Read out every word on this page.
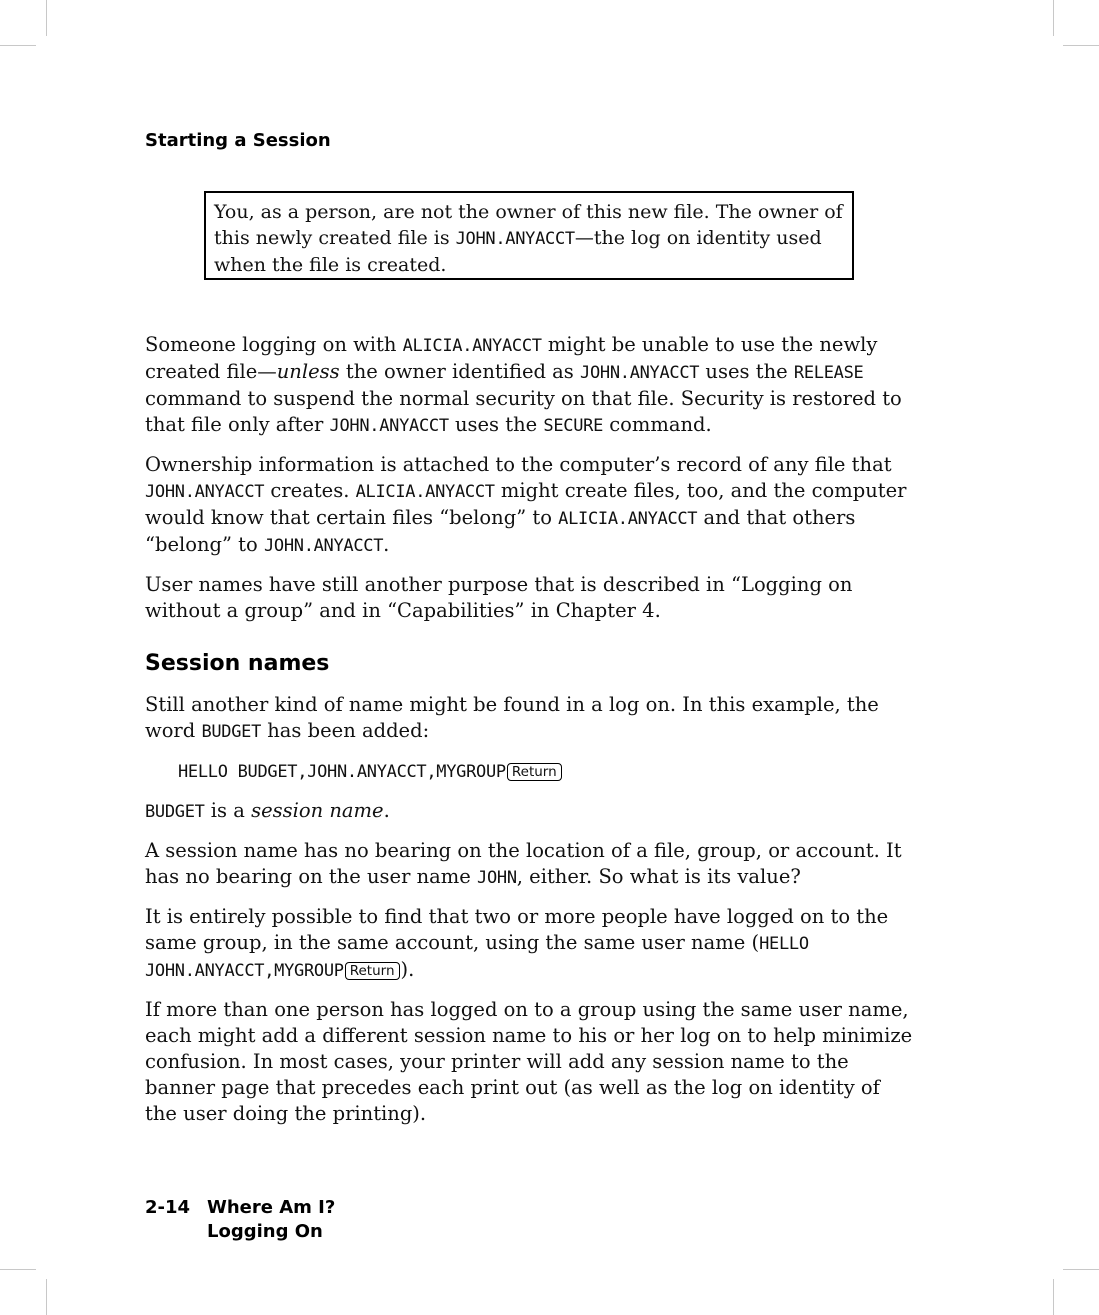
Starting a Session
You, as a person, are not the owner of this new file. The owner of this newly created file is JOHN.ANYACCT—the log on identity used when the file is created.

Someone logging on with ALICIA.ANYACCT might be unable to use the newly created file—unless the owner identified as JOHN.ANYACCT uses the RELEASE command to suspend the normal security on that file. Security is restored to that file only after JOHN.ANYACCT uses the SECURE command.

Ownership information is attached to the computer’s record of any file that JOHN.ANYACCT creates. ALICIA.ANYACCT might create files, too, and the computer would know that certain files “belong” to ALICIA.ANYACCT and that others “belong” to JOHN.ANYACCT.

User names have still another purpose that is described in “Logging on without a group” and in “Capabilities” in Chapter 4.

Session names

Still another kind of name might be found in a log on. In this example, the word BUDGET has been added:

HELLO BUDGET,JOHN.ANYACCT,MYGROUP Return

BUDGET is a session name.

A session name has no bearing on the location of a file, group, or account. It has no bearing on the user name JOHN, either. So what is its value?

It is entirely possible to find that two or more people have logged on to the same group, in the same account, using the same user name (HELLO JOHN.ANYACCT,MYGROUP Return ).

If more than one person has logged on to a group using the same user name, each might add a different session name to his or her log on to help minimize confusion. In most cases, your printer will add any session name to the banner page that precedes each print out (as well as the log on identity of the user doing the printing).

2-14 Where Am I?
Logging On
